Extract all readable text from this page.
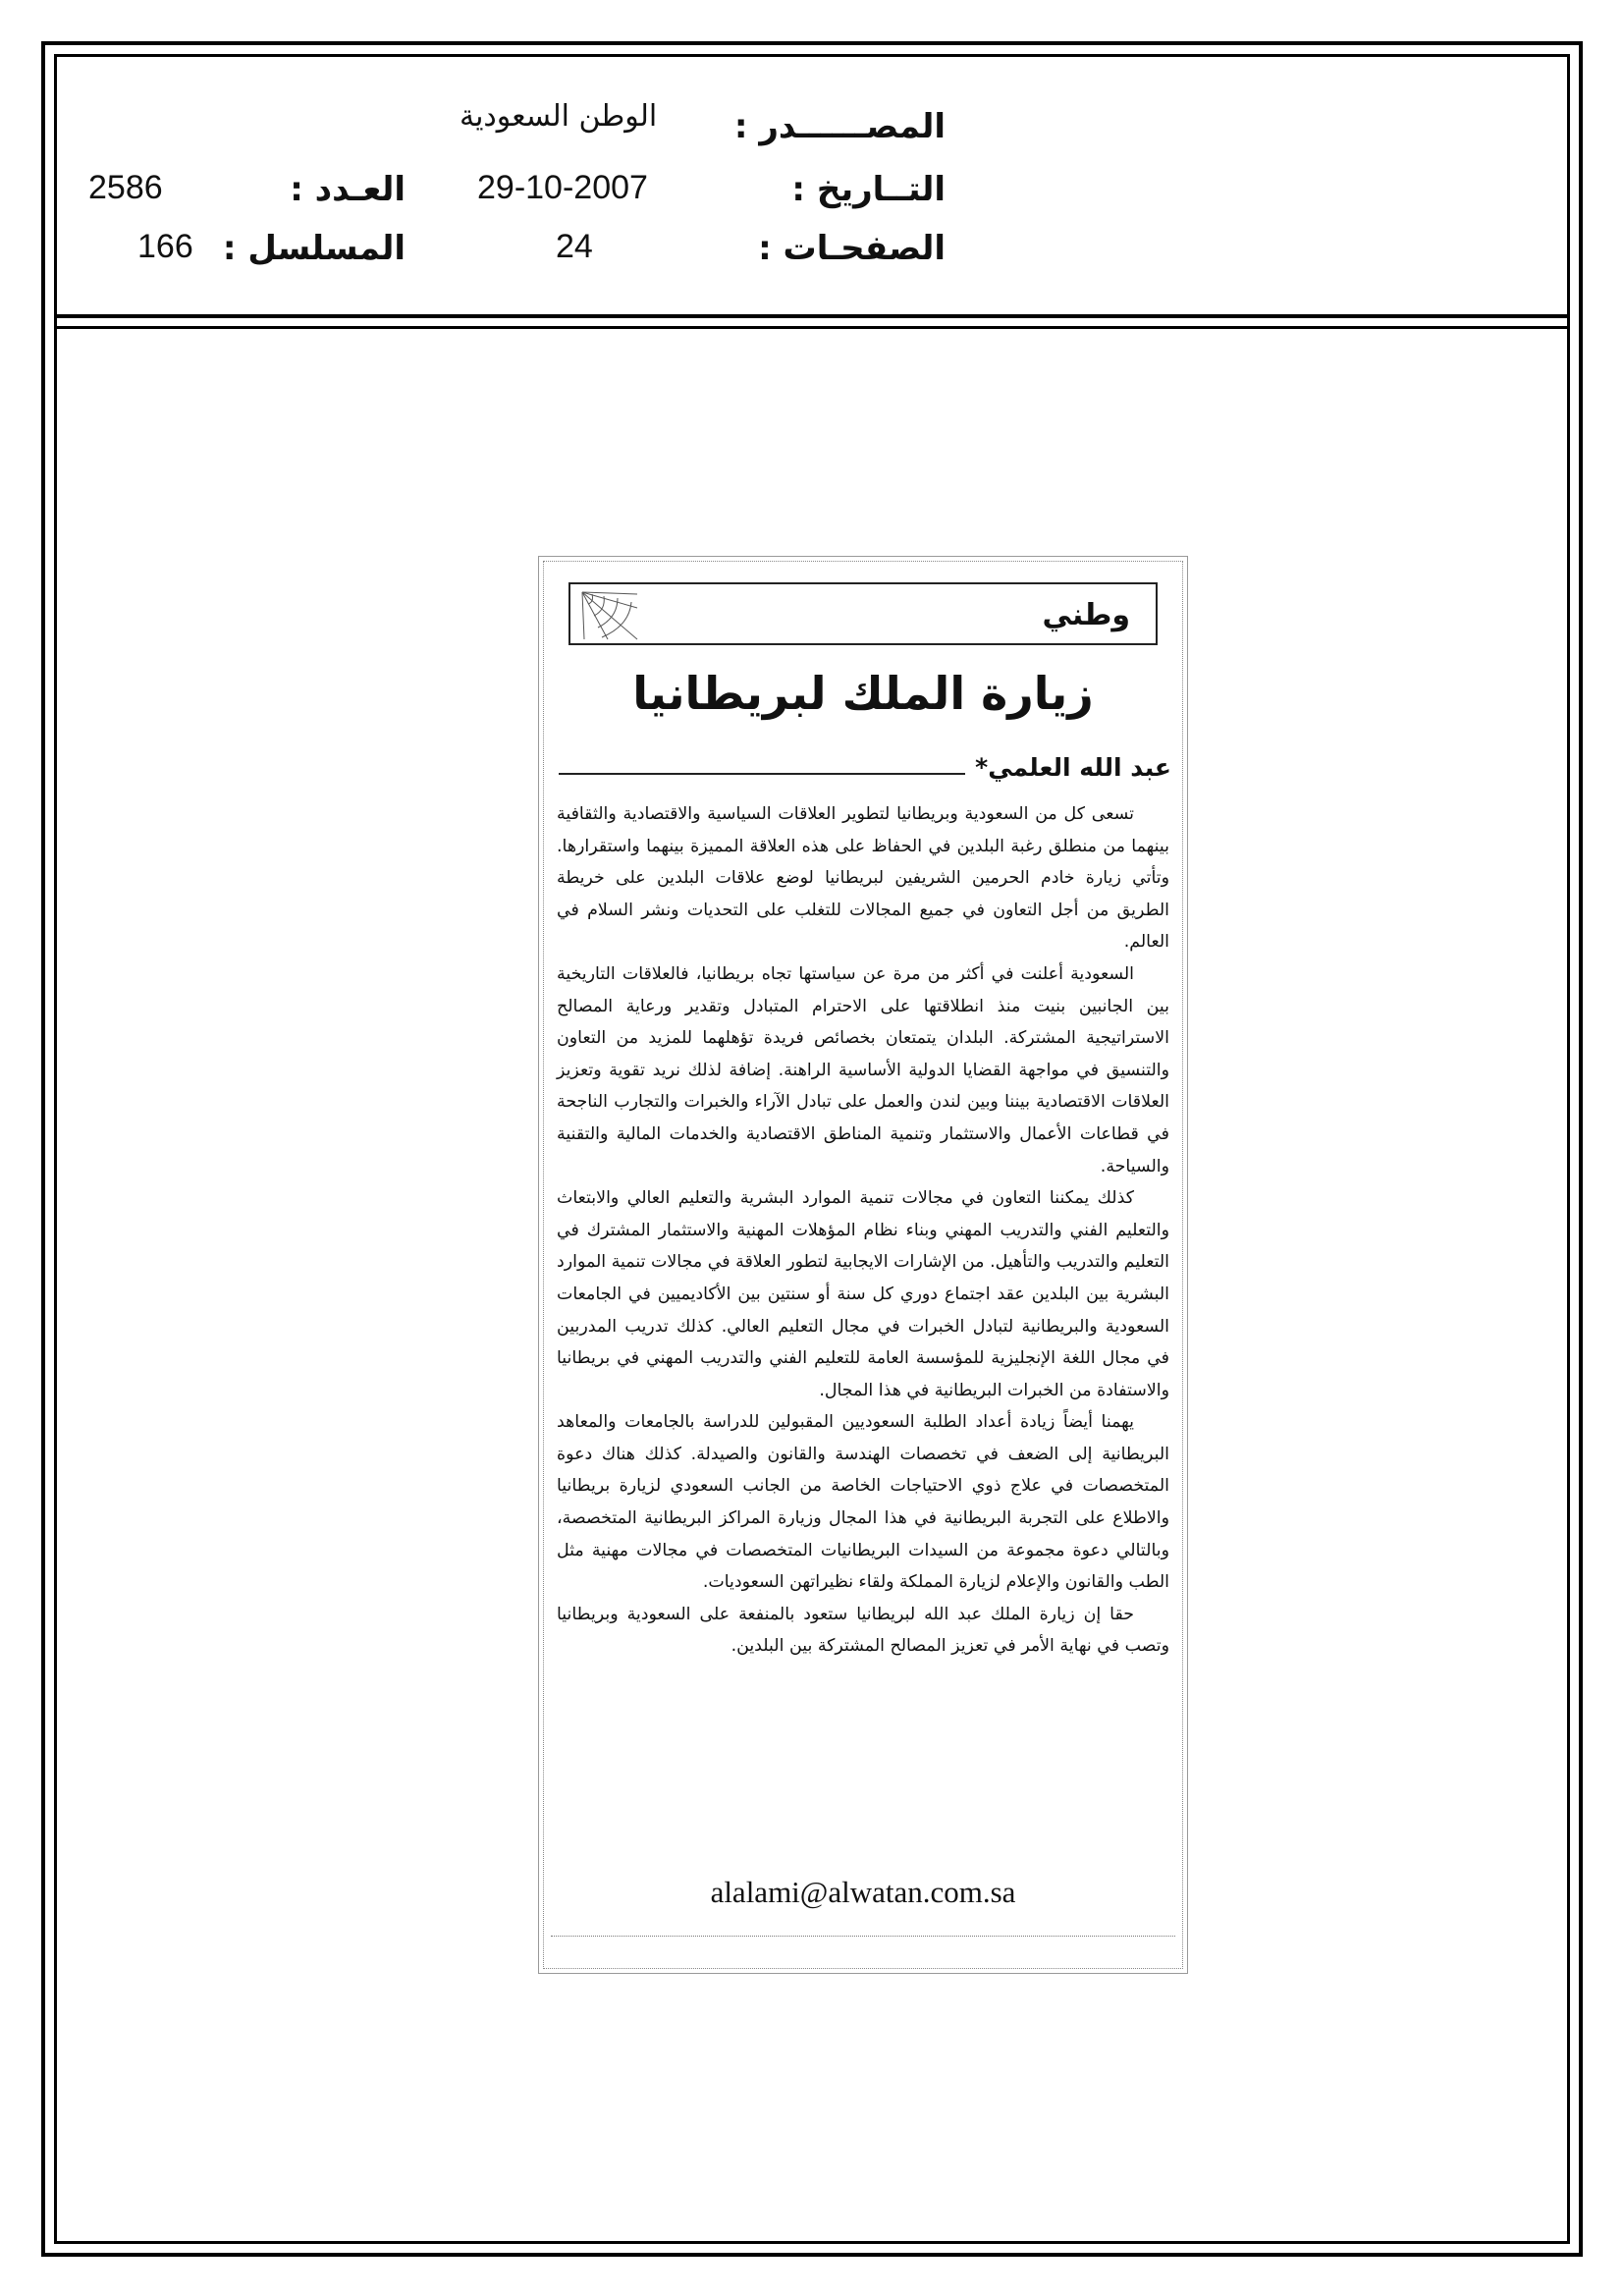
المصــــــدر :
الوطن السعودية
التــاريخ :
29-10-2007
العـدد :
2586
الصفحـات :
24
المسلسل :
166
وطني
زيارة الملك لبريطانيا
عبد الله العلمي*

تسعى كل من السعودية وبريطانيا لتطوير العلاقات السياسية والاقتصادية والثقافية بينهما من منطلق رغبة البلدين في الحفاظ على هذه العلاقة المميزة بينهما واستقرارها. وتأتي زيارة خادم الحرمين الشريفين لبريطانيا لوضع علاقات البلدين على خريطة الطريق من أجل التعاون في جميع المجالات للتغلب على التحديات ونشر السلام في العالم.

السعودية أعلنت في أكثر من مرة عن سياستها تجاه بريطانيا، فالعلاقات التاريخية بين الجانبين بنيت منذ انطلاقتها على الاحترام المتبادل وتقدير ورعاية المصالح الاستراتيجية المشتركة. البلدان يتمتعان بخصائص فريدة تؤهلهما للمزيد من التعاون والتنسيق في مواجهة القضايا الدولية الأساسية الراهنة. إضافة لذلك نريد تقوية وتعزيز العلاقات الاقتصادية بيننا وبين لندن والعمل على تبادل الآراء والخبرات والتجارب الناجحة في قطاعات الأعمال والاستثمار وتنمية المناطق الاقتصادية والخدمات المالية والتقنية والسياحة.

كذلك يمكننا التعاون في مجالات تنمية الموارد البشرية والتعليم العالي والابتعاث والتعليم الفني والتدريب المهني وبناء نظام المؤهلات المهنية والاستثمار المشترك في التعليم والتدريب والتأهيل. من الإشارات الايجابية لتطور العلاقة في مجالات تنمية الموارد البشرية بين البلدين عقد اجتماع دوري كل سنة أو سنتين بين الأكاديميين في الجامعات السعودية والبريطانية لتبادل الخبرات في مجال التعليم العالي. كذلك تدريب المدربين في مجال اللغة الإنجليزية للمؤسسة العامة للتعليم الفني والتدريب المهني في بريطانيا والاستفادة من الخبرات البريطانية في هذا المجال.

يهمنا أيضاً زيادة أعداد الطلبة السعوديين المقبولين للدراسة بالجامعات والمعاهد البريطانية إلى الضعف في تخصصات الهندسة والقانون والصيدلة. كذلك هناك دعوة المتخصصات في علاج ذوي الاحتياجات الخاصة من الجانب السعودي لزيارة بريطانيا والاطلاع على التجربة البريطانية في هذا المجال وزيارة المراكز البريطانية المتخصصة، وبالتالي دعوة مجموعة من السيدات البريطانيات المتخصصات في مجالات مهنية مثل الطب والقانون والإعلام لزيارة المملكة ولقاء نظيراتهن السعوديات.

حقا إن زيارة الملك عبد الله لبريطانيا ستعود بالمنفعة على السعودية وبريطانيا وتصب في نهاية الأمر في تعزيز المصالح المشتركة بين البلدين.

alalami@alwatan.com.sa
